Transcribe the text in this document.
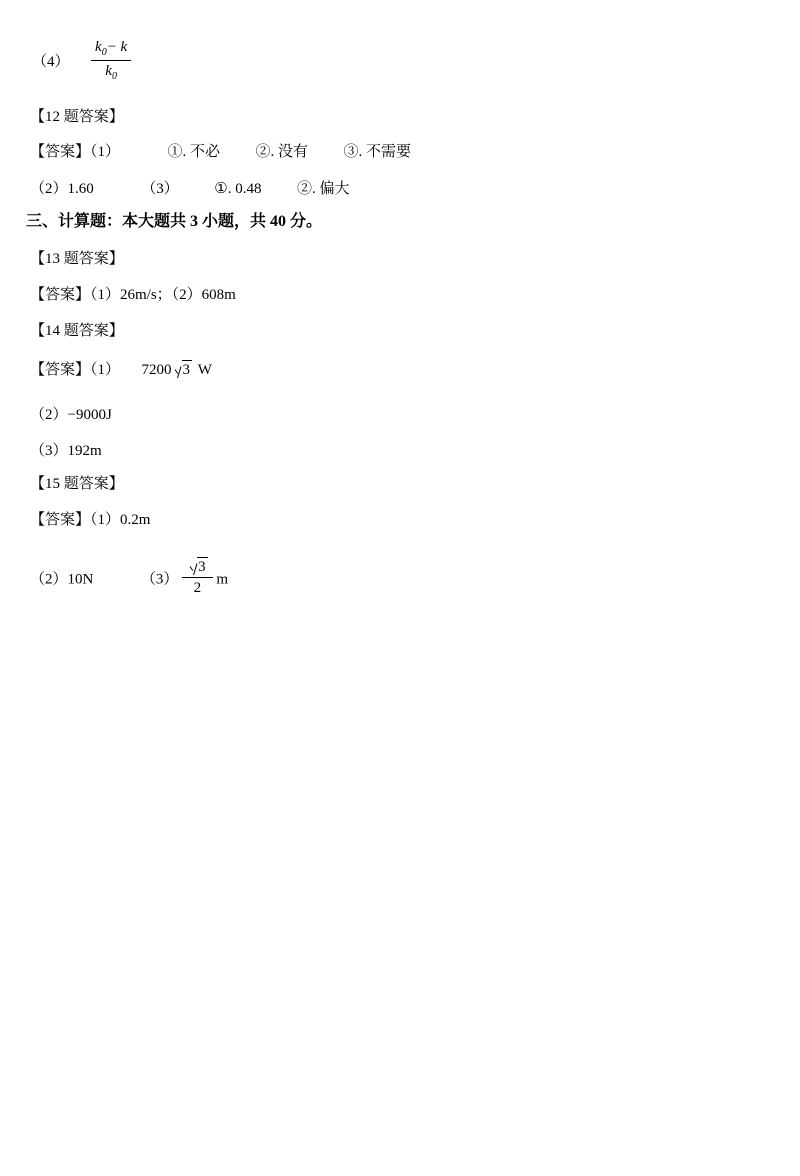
$(4) \frac{k_0- k}{k_0}$
【12 题答案】
【答案】（1）	①. 不必 ②. 没有 ③. 不需要
（2）1.60	（3） ①. 0.48 ②. 偏大
三、计算题：本大题共 3 小题，共 40 分。
【13 题答案】
【答案】（1）26m/s；（2）608m
【14 题答案】
【答案】（1） 7200 3 W
（2）−9000J
（3）192m
【15 题答案】
【答案】（1）0.2m
（2）10N	$(3) \frac{3}{2}$ m
